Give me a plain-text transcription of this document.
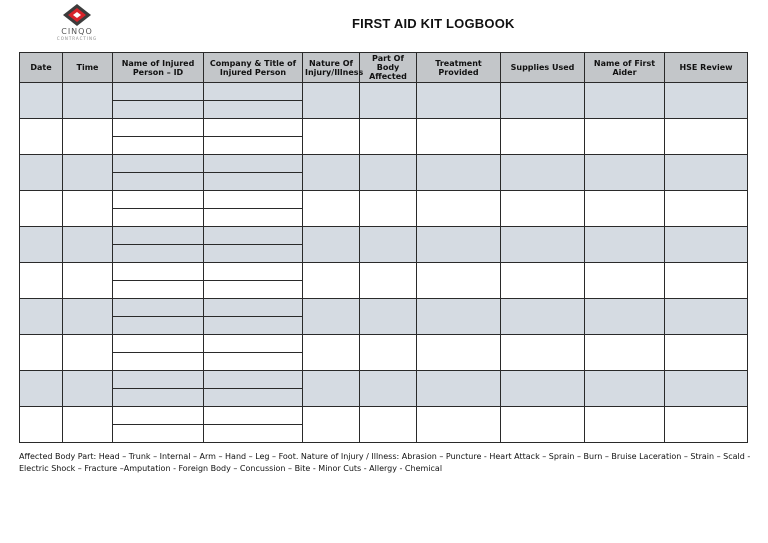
CINQO
CONTRACTING
FIRST AID KIT LOGBOOK
Date	Time	Name of Injured Person – ID	Company & Title of Injured Person	Nature Of Injury/Illness	Part Of Body Affected	Treatment Provided	Supplies Used	Name of First Aider	HSE Review

Affected Body Part: Head – Trunk – Internal – Arm – Hand – Leg – Foot. Nature of Injury / Illness: Abrasion – Puncture - Heart Attack – Sprain – Burn – Bruise Laceration – Strain – Scald - Electric Shock – Fracture –Amputation - Foreign Body – Concussion – Bite - Minor Cuts - Allergy - Chemical
